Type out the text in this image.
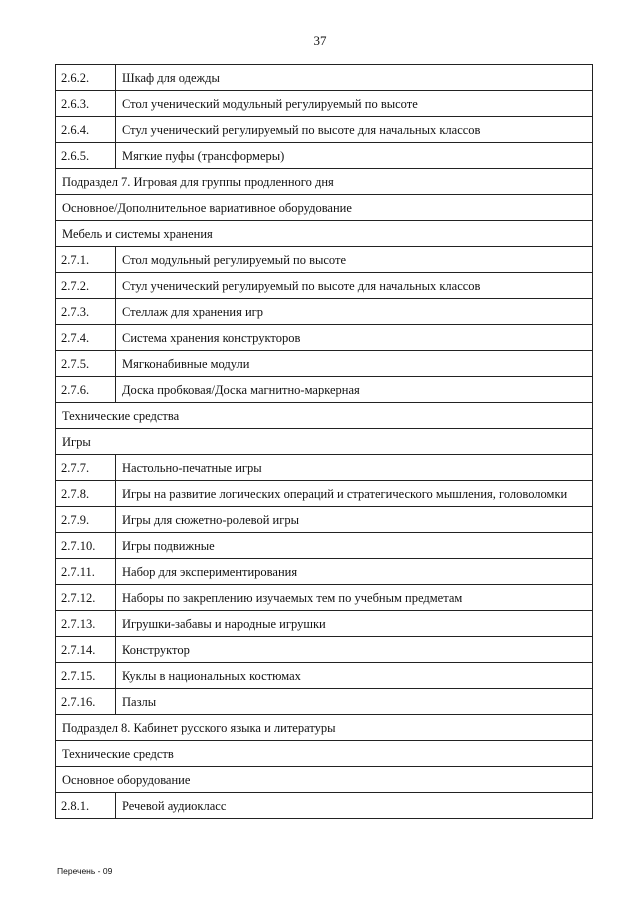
37
2.6.2.	Шкаф для одежды
2.6.3.	Стол ученический модульный регулируемый по высоте
2.6.4.	Стул ученический регулируемый по высоте для начальных классов
2.6.5.	Мягкие пуфы (трансформеры)
Подраздел 7. Игровая для группы продленного дня	
Основное/Дополнительное вариативное оборудование	
Мебель и системы хранения	
2.7.1.	Стол модульный регулируемый по высоте
2.7.2.	Стул ученический регулируемый по высоте для начальных классов
2.7.3.	Стеллаж для хранения игр
2.7.4.	Система хранения конструкторов
2.7.5.	Мягконабивные модули
2.7.6.	Доска пробковая/Доска магнитно-маркерная
Технические средства	
Игры	
2.7.7.	Настольно-печатные игры
2.7.8.	Игры на развитие логических операций и стратегического мышления, головоломки
2.7.9.	Игры для сюжетно-ролевой игры
2.7.10.	Игры подвижные
2.7.11.	Набор для экспериментирования
2.7.12.	Наборы по закреплению изучаемых тем по учебным предметам
2.7.13.	Игрушки-забавы и народные игрушки
2.7.14.	Конструктор
2.7.15.	Куклы в национальных костюмах
2.7.16.	Пазлы
Подраздел 8. Кабинет русского языка и литературы	
Технические средств	
Основное оборудование	
2.8.1.	Речевой аудиокласс
Перечень - 09
